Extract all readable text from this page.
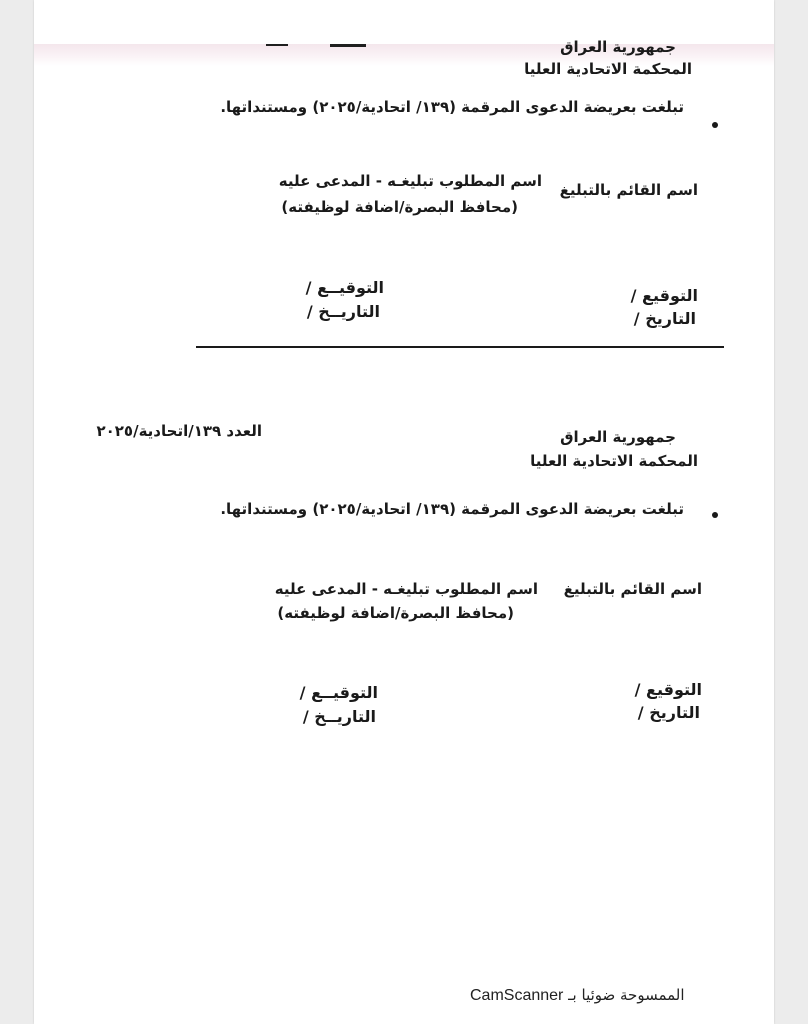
جمهورية العراق
المحكمة الاتحادية العليا
تبلغت بعريضة الدعوى المرقمة (١٣٩/ اتحادية/٢٠٢٥) ومستنداتها.
اسم القائم بالتبليغ
اسم المطلوب تبليغـه - المدعى عليه
(محافظ البصرة/اضافة لوظيفته)
التوقيــع /
التاريــخ /
التوقيع /
التاريخ /
العدد ١٣٩/اتحادية/٢٠٢٥	جمهورية العراق
المحكمة الاتحادية العليا
تبلغت بعريضة الدعوى المرقمة (١٣٩/ اتحادية/٢٠٢٥) ومستنداتها.
اسم القائم بالتبليغ
اسم المطلوب تبليغـه - المدعى عليه
(محافظ البصرة/اضافة لوظيفته)
التوقيــع /
التاريــخ /
التوقيع /
التاريخ /
الممسوحة ضوئيا بـ CamScanner
